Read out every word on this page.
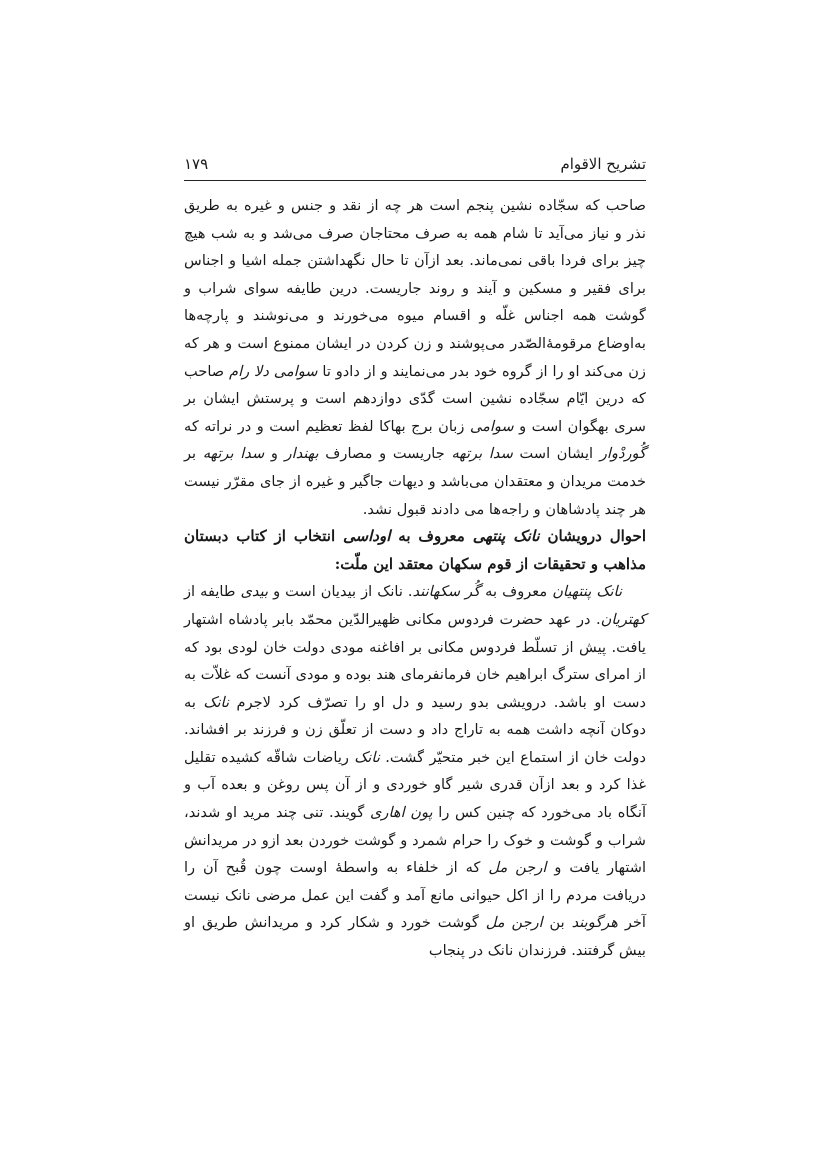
تشریح الاقوام
۱۷۹

صاحب که سجّاده نشین پنجم است هر چه از نقد و جنس و غیره به طریق نذر و نیاز می‌آید تا شام همه به صرف محتاجان صرف می‌شد و به شب هیچ چیز برای فردا باقی نمی‌ماند. بعد ازآن تا حال نگهداشتن جمله اشیا و اجناس برای فقیر و مسکین و آیند و روند جاریست. درین طایفه سوای شراب و گوشت همه اجناس غلّه و اقسام میوه می‌خورند و می‌نوشند و پارچه‌ها به‌اوضاع مرقومهٔ‌الصّدر می‌پوشند و زن کردن در ایشان ممنوع است و هر که زن می‌کند او را از گروه خود بدر می‌نمایند و از دادو تا سوامی دلا رام صاحب که درین ایّام سجّاده نشین است گدّی دوازدهم است و پرستش ایشان بر سری بهگوان است و سوامی زبان برج بهاکا لفظ تعظیم است و در نراته که گُوردْوار ایشان است سدا برتهه جاریست و مصارف بهندار و سدا برتهه بر خدمت مریدان و معتقدان می‌باشد و دیهات جاگیر و غیره از جای مقرّر نیست هر چند پادشاهان و راجه‌ها می دادند قبول نشد.

احوال درویشان نانک پنتهی معروف به اوداسی انتخاب از کتاب دبستان مذاهب و تحقیقات از قوم سکهان معتقد این ملّت:

نانک پنتهیان معروف به گُر سکهانند. نانک از بیدیان است و بیدی طایفه از کهتریان. در عهد حضرت فردوس مکانی ظهیرالدّین محمّد بابر پادشاه اشتهار یافت. پیش از تسلّط فردوس مکانی بر افاغنه مودی دولت خان لودی بود که از امرای سترگ ابراهیم خان فرمانفرمای هند بوده و مودی آنست که غلاّت به دست او باشد. درویشی بدو رسید و دل او را تصرّف کرد لاجرم نانک به دوکان آنچه داشت همه به تاراج داد و دست از تعلّق زن و فرزند بر افشاند. دولت خان از استماع این خبر متحیّر گشت. نانک ریاضات شاقّه کشیده تقلیل غذا کرد و بعد ازآن قدری شیر گاو خوردی و از آن پس روغن و بعده آب و آنگاه باد می‌خورد که چنین کس را پون اهاری گویند. تنی چند مرید او شدند، شراب و گوشت و خوک را حرام شمرد و گوشت خوردن بعد ازو در مریدانش اشتهار یافت و ارجن مل که از خلفاء به واسطهٔ اوست چون قُبح آن را دریافت مردم را از اکل حیوانی مانع آمد و گفت این عمل مرضی نانک نیست آخر هرگوبند بن ارجن مل گوشت خورد و شکار کرد و مریدانش طریق او بیش گرفتند. فرزندان نانک در پنجاب
